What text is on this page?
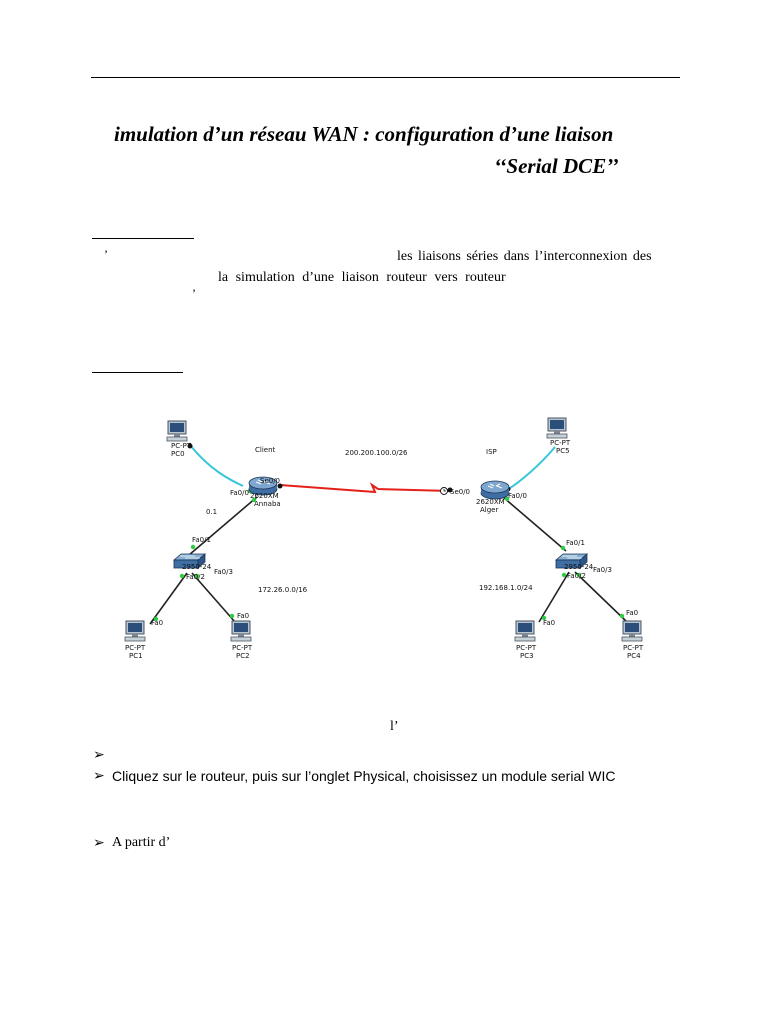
imulation d’un réseau WAN : configuration d’une liaison
‘‘Serial DCE’’
’	les liaisons séries dans l’interconnexion des
la simulation d’une liaison routeur vers routeur
’
PC-PT
PC0
PC-PT
PC5
Client	ISP
200.200.100.0/26
Se0/0
Fa0/0 2620XM
Annaba
Se0/0	Fa0/0
2620XM
Alger
0.1
Fa0/1
2950-24
Fa0/3
Fa0/2
172.26.0.0/16
Fa0/1
2950-24 Fa0/3
Fa0/2
192.168.1.0/24
Fa0
Fa0
Fa0
Fa0
PC-PT
PC1
PC-PT
PC2
PC-PT
PC3
PC-PT
PC4
l’
➢
➢ Cliquez sur le routeur, puis sur l’onglet Physical, choisissez un module serial WIC
➢ A partir d’
